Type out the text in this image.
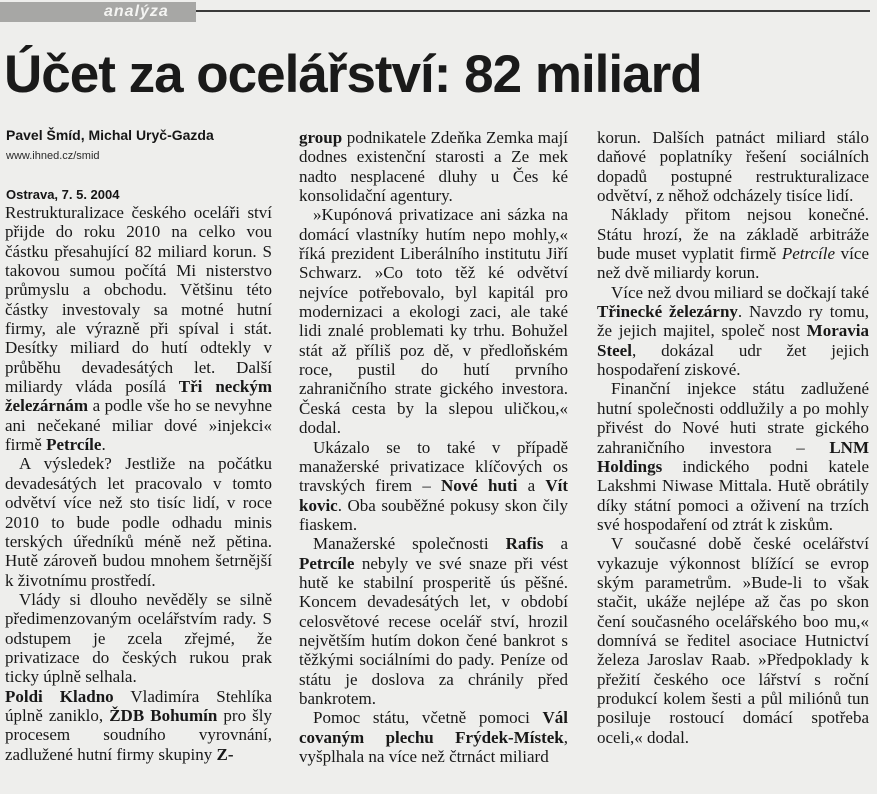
analýza
Účet za ocelářství: 82 miliard
Pavel Šmíd, Michal Uryč-Gazda
www.ihned.cz/smid
Ostrava, 7. 5. 2004

Restrukturalizace českého oceláři ství přijde do roku 2010 na celko vou částku přesahující 82 miliard korun. S takovou sumou počítá Mi nisterstvo průmyslu a obchodu. Většinu této částky investovaly sa motné hutní firmy, ale výrazně při spíval i stát. Desítky miliard do hutí odtekly v průběhu devadesátých let. Další miliardy vláda posílá Tři neckým železárnám a podle vše ho se nevyhne ani nečekané miliar dové »injekci« firmě Petrcíle.

A výsledek? Jestliže na počátku devadesátých let pracovalo v tomto odvětví více než sto tisíc lidí, v roce 2010 to bude podle odhadu minis terských úředníků méně než pětina. Hutě zároveň budou mnohem šetrnější k životnímu prostředí.

Vlády si dlouho nevěděly se silně předimenzovaným ocelářstvím rady. S odstupem je zcela zřejmé, že privatizace do českých rukou prak ticky úplně selhala.

Poldi Kladno Vladimíra Stehlíka úplně zaniklo, ŽDB Bohumín pro šly procesem soudního vyrovnání, zadlužené hutní firmy skupiny Z-

group podnikatele Zdeňka Zemka mají dodnes existenční starosti a Ze mek nadto nesplacené dluhy u Čes ké konsolidační agentury.

»Kupónová privatizace ani sázka na domácí vlastníky hutím nepo mohly,« říká prezident Liberálního institutu Jiří Schwarz. »Co toto těž ké odvětví nejvíce potřebovalo, byl kapitál pro modernizaci a ekologi zaci, ale také lidi znalé problemati ky trhu. Bohužel stát až příliš poz dě, v předloňském roce, pustil do hutí prvního zahraničního strate gického investora. Česká cesta by la slepou uličkou,« dodal.

Ukázalo se to také v případě manažerské privatizace klíčových os travských firem – Nové huti a Vít kovic. Oba souběžné pokusy skon čily fiaskem.

Manažerské společnosti Rafis a Petrcíle nebyly ve své snaze při vést hutě ke stabilní prosperitě ús pěšné. Koncem devadesátých let, v období celosvětové recese ocelář ství, hrozil největším hutím dokon čené bankrot s těžkými sociálními do pady. Peníze od státu je doslova za chránily před bankrotem.

Pomoc státu, včetně pomoci Vál covaným plechu Frýdek-Místek, vyšplhala na více než čtrnáct miliard

korun. Dalších patnáct miliard stálo daňové poplatníky řešení sociálních dopadů postupné restrukturalizace odvětví, z něhož odcházely tisíce lidí.

Náklady přitom nejsou konečné. Státu hrozí, že na základě arbitráže bude muset vyplatit firmě Petrcíle více než dvě miliardy korun.

Více než dvou miliard se dočkají také Třinecké železárny. Navzdo ry tomu, že jejich majitel, společ nost Moravia Steel, dokázal udr žet jejich hospodaření ziskové.

Finanční injekce státu zadlužené hutní společnosti oddlužily a po mohly přivést do Nové huti strate gického zahraničního investora – LNM Holdings indického podni katele Lakshmi Niwase Mittala. Hutě obrátily díky státní pomoci a oživení na trzích své hospodaření od ztrát k ziskům.

V současné době české ocelářství vykazuje výkonnost blížící se evrop ským parametrům. »Bude-li to však stačit, ukáže nejlépe až čas po skon čení současného ocelářského boo mu,« domnívá se ředitel asociace Hutnictví železa Jaroslav Raab. »Předpoklady k přežití českého oce lářství s roční produkcí kolem šesti a půl miliónů tun posiluje rostoucí domácí spotřeba oceli,« dodal.
